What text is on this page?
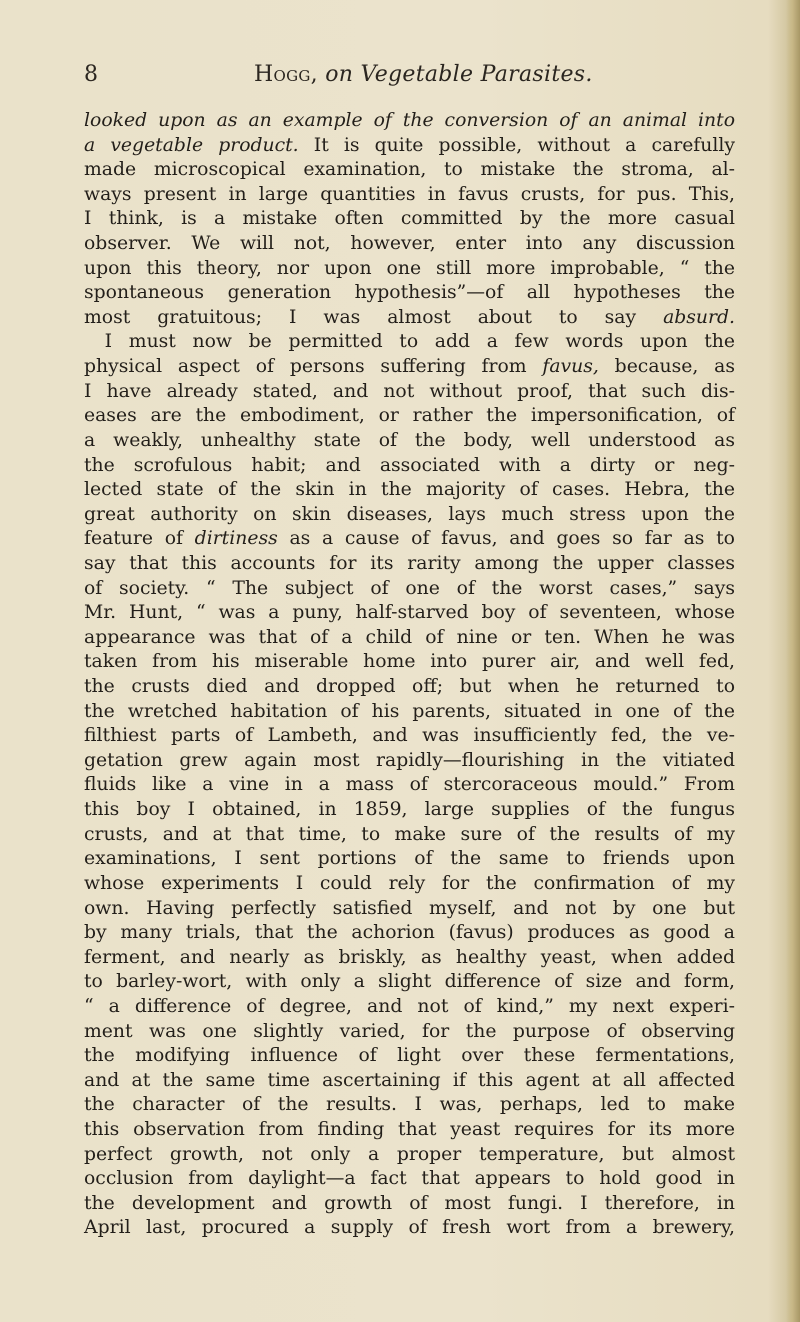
8	Hogg, on Vegetable Parasites.
looked upon as an example of the conversion of an animal into
a vegetable product. It is quite possible, without a carefully
made microscopical examination, to mistake the stroma, al-
ways present in large quantities in favus crusts, for pus. This,
I think, is a mistake often committed by the more casual
observer. We will not, however, enter into any discussion
upon this theory, nor upon one still more improbable, “ the
spontaneous generation hypothesis”—of all hypotheses the
most gratuitous; I was almost about to say absurd.
I must now be permitted to add a few words upon the
physical aspect of persons suffering from favus, because, as
I have already stated, and not without proof, that such dis-
eases are the embodiment, or rather the impersonification, of
a weakly, unhealthy state of the body, well understood as
the scrofulous habit; and associated with a dirty or neg-
lected state of the skin in the majority of cases. Hebra, the
great authority on skin diseases, lays much stress upon the
feature of dirtiness as a cause of favus, and goes so far as to
say that this accounts for its rarity among the upper classes
of society. “ The subject of one of the worst cases,” says
Mr. Hunt, “ was a puny, half-starved boy of seventeen, whose
appearance was that of a child of nine or ten. When he was
taken from his miserable home into purer air, and well fed,
the crusts died and dropped off; but when he returned to
the wretched habitation of his parents, situated in one of the
filthiest parts of Lambeth, and was insufficiently fed, the ve-
getation grew again most rapidly—flourishing in the vitiated
fluids like a vine in a mass of stercoraceous mould.” From
this boy I obtained, in 1859, large supplies of the fungus
crusts, and at that time, to make sure of the results of my
examinations, I sent portions of the same to friends upon
whose experiments I could rely for the confirmation of my
own. Having perfectly satisfied myself, and not by one but
by many trials, that the achorion (favus) produces as good a
ferment, and nearly as briskly, as healthy yeast, when added
to barley-wort, with only a slight difference of size and form,
“ a difference of degree, and not of kind,” my next experi-
ment was one slightly varied, for the purpose of observing
the modifying influence of light over these fermentations,
and at the same time ascertaining if this agent at all affected
the character of the results. I was, perhaps, led to make
this observation from finding that yeast requires for its more
perfect growth, not only a proper temperature, but almost
occlusion from daylight—a fact that appears to hold good in
the development and growth of most fungi. I therefore, in
April last, procured a supply of fresh wort from a brewery,
